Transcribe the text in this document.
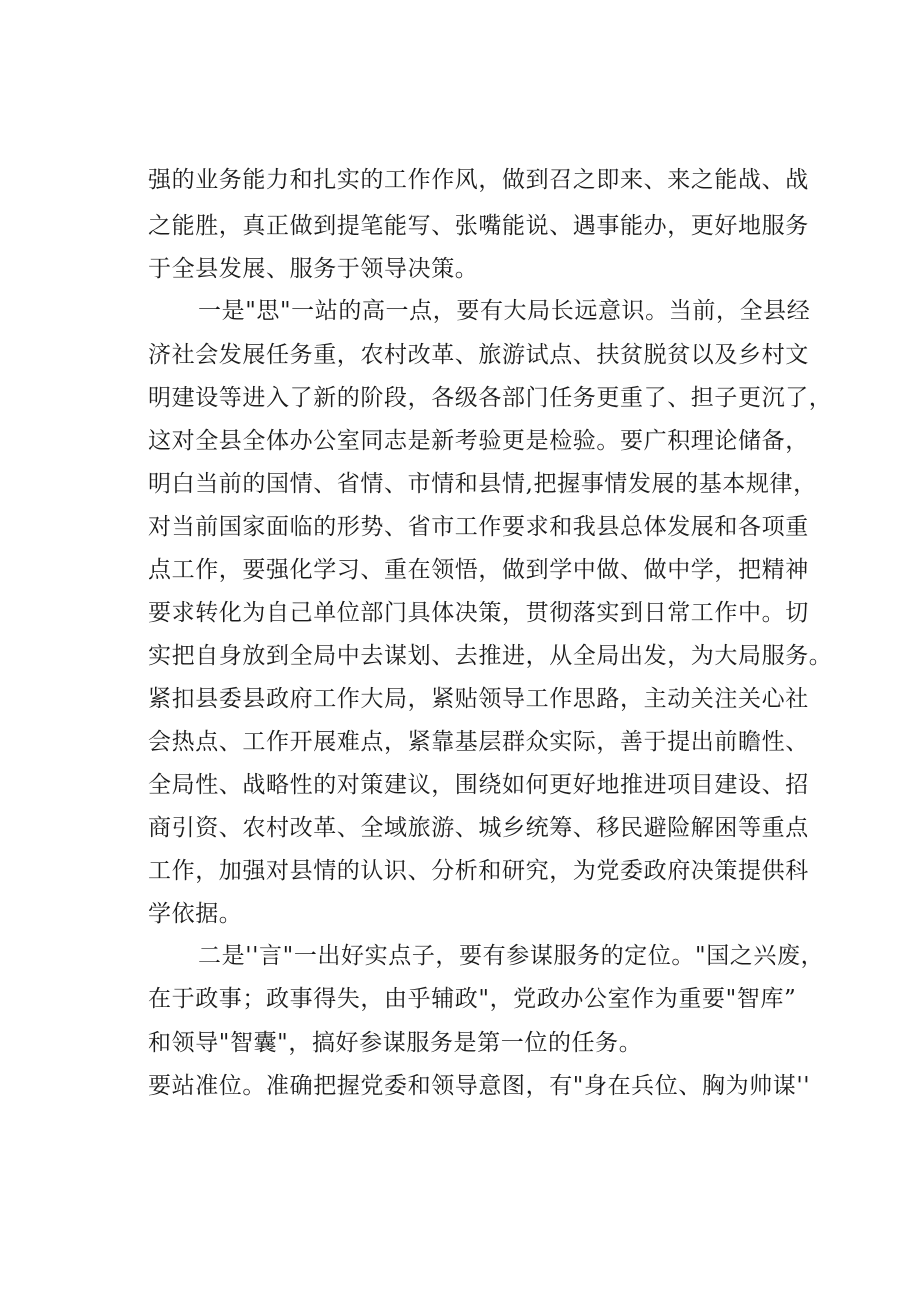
强的业务能力和扎实的工作作风，做到召之即来、来之能战、战

之能胜，真正做到提笔能写、张嘴能说、遇事能办，更好地服务

于全县发展、服务于领导决策。

一是"思"一站的高一点，要有大局长远意识。当前，全县经

济社会发展任务重，农村改革、旅游试点、扶贫脱贫以及乡村文

明建设等进入了新的阶段，各级各部门任务更重了、担子更沉了，

这对全县全体办公室同志是新考验更是检验。要广积理论储备，

明白当前的国情、省情、市情和县情,把握事情发展的基本规律，

对当前国家面临的形势、省市工作要求和我县总体发展和各项重

点工作，要强化学习、重在领悟，做到学中做、做中学，把精神

要求转化为自己单位部门具体决策，贯彻落实到日常工作中。切

实把自身放到全局中去谋划、去推进，从全局出发，为大局服务。

紧扣县委县政府工作大局，紧贴领导工作思路，主动关注关心社

会热点、工作开展难点，紧靠基层群众实际，善于提出前瞻性、

全局性、战略性的对策建议，围绕如何更好地推进项目建设、招

商引资、农村改革、全域旅游、城乡统筹、移民避险解困等重点

工作，加强对县情的认识、分析和研究，为党委政府决策提供科

学依据。

二是''言"一出好实点子，要有参谋服务的定位。"国之兴废，

在于政事；政事得失，由乎辅政"，党政办公室作为重要"智库”

和领导"智囊"，搞好参谋服务是第一位的任务。

要站准位。准确把握党委和领导意图，有"身在兵位、胸为帅谋''
